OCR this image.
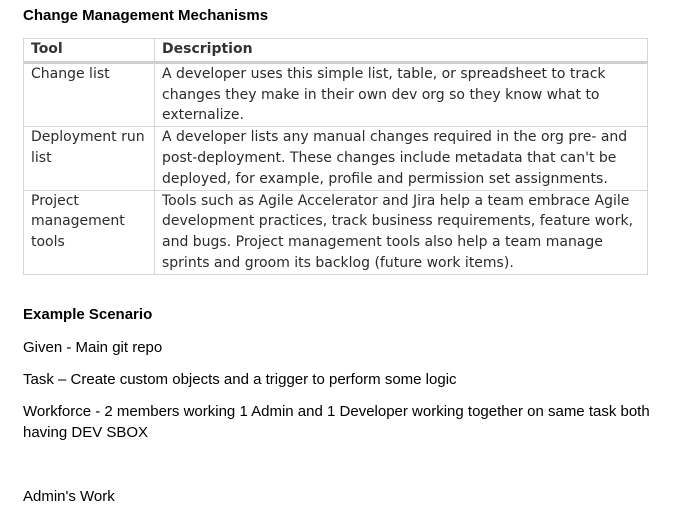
Change Management Mechanisms
Tool	Description
Change list	A developer uses this simple list, table, or spreadsheet to track changes they make in their own dev org so they know what to externalize.
Deployment run list	A developer lists any manual changes required in the org pre- and post-deployment. These changes include metadata that can't be deployed, for example, profile and permission set assignments.
Project management tools	Tools such as Agile Accelerator and Jira help a team embrace Agile development practices, track business requirements, feature work, and bugs. Project management tools also help a team manage sprints and groom its backlog (future work items).
Example Scenario

Given - Main git repo

Task – Create custom objects and a trigger to perform some logic

Workforce - 2 members working 1 Admin and 1 Developer working together on same task both having DEV SBOX

Admin's Work
